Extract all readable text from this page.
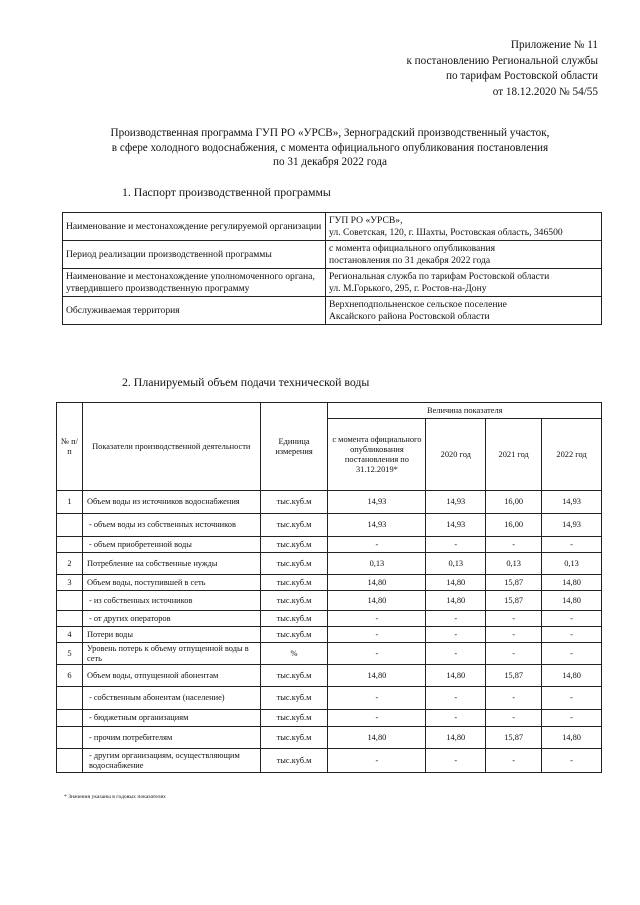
Приложение № 11
к постановлению Региональной службы
по тарифам Ростовской области
от 18.12.2020 № 54/55
Производственная программа ГУП РО «УРСВ», Зерноградский производственный участок,
в сфере холодного водоснабжения, с момента официального опубликования постановления
по 31 декабря 2022 года
1. Паспорт производственной программы
Наименование и местонахождение регулируемой организации	ГУП РО «УРСВ»,
ул. Советская, 120, г. Шахты, Ростовская область, 346500

Период реализации производственной программы	с момента официального опубликования
постановления по 31 декабря 2022 года

Наименование и местонахождение уполномоченного органа, утвердившего производственную программу	Региональная служба по тарифам Ростовской области
ул. М.Горького, 295, г. Ростов-на-Дону

Обслуживаемая территория	Верхнеподпольненское сельское поселение
Аксайского района Ростовской области
2. Планируемый объем подачи технической воды
№ п/п	Показатели производственной деятельности	Единица измерения	Величина показателя			
			с момента официального опубликования постановления по 31.12.2019*	2020 год	2021 год	2022 год
1	Объем воды из источников водоснабжения	тыс.куб.м	14,93	14,93	16,00	14,93
	- объем воды из собственных источников	тыс.куб.м	14,93	14,93	16,00	14,93
	- объем приобретенной воды	тыс.куб.м	-	-	-	-
2	Потребление на собственные нужды	тыс.куб.м	0,13	0,13	0,13	0,13
3	Объем воды, поступившей в сеть	тыс.куб.м	14,80	14,80	15,87	14,80
	- из собственных источников	тыс.куб.м	14,80	14,80	15,87	14,80
	- от других операторов	тыс.куб.м	-	-	-	-
4	Потери воды	тыс.куб.м	-	-	-	-
5	Уровень потерь к объему отпущенной воды в сеть	%	-	-	-	-
6	Объем воды, отпущенной абонентам	тыс.куб.м	14,80	14,80	15,87	14,80
	- собственным абонентам (население)	тыс.куб.м	-	-	-	-
	- бюджетным организациям	тыс.куб.м	-	-	-	-
	- прочим потребителям	тыс.куб.м	14,80	14,80	15,87	14,80
	- другим организациям, осуществляющим водоснабжение	тыс.куб.м	-	-	-	-
* Значения указаны в годовых показателях
